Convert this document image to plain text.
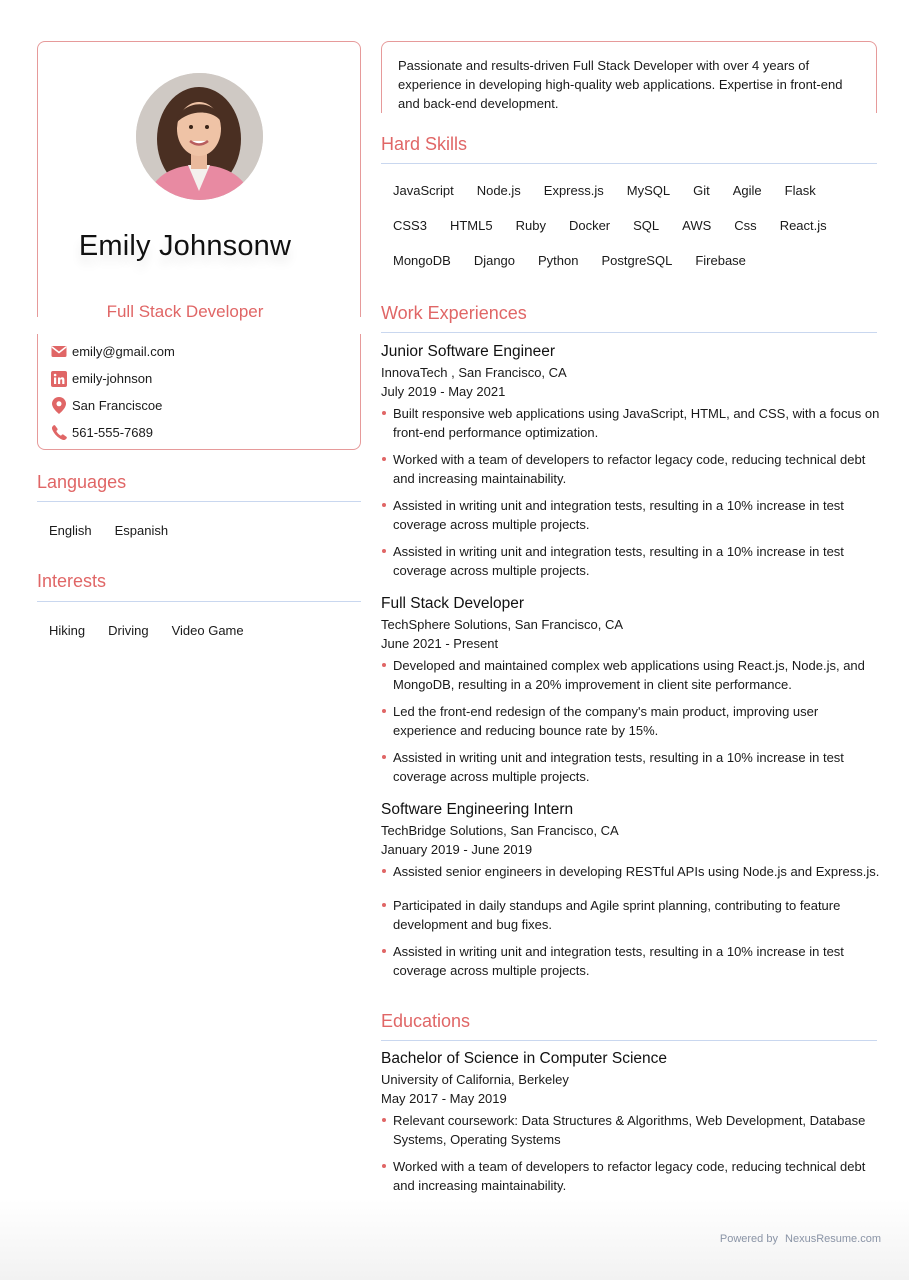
Emily Johnsonw
Full Stack Developer
emily@gmail.com
emily-johnson
San Franciscoe
561-555-7689
Languages
English Espanish
Interests
Hiking Driving Video Game
Passionate and results-driven Full Stack Developer with over 4 years of experience in developing high-quality web applications. Expertise in front-end and back-end development.
Hard Skills
JavaScript Node.js Express.js MySQL Git Agile Flask
CSS3 HTML5 Ruby Docker SQL AWS Css React.js
MongoDB Django Python PostgreSQL Firebase
Work Experiences
Junior Software Engineer
InnovaTech , San Francisco, CA
July 2019 - May 2021
Built responsive web applications using JavaScript, HTML, and CSS, with a focus on front-end performance optimization.
Worked with a team of developers to refactor legacy code, reducing technical debt and increasing maintainability.
Assisted in writing unit and integration tests, resulting in a 10% increase in test coverage across multiple projects.
Assisted in writing unit and integration tests, resulting in a 10% increase in test coverage across multiple projects.
Full Stack Developer
TechSphere Solutions, San Francisco, CA
June 2021 - Present
Developed and maintained complex web applications using React.js, Node.js, and MongoDB, resulting in a 20% improvement in client site performance.
Led the front-end redesign of the company's main product, improving user experience and reducing bounce rate by 15%.
Assisted in writing unit and integration tests, resulting in a 10% increase in test coverage across multiple projects.
Software Engineering Intern
TechBridge Solutions, San Francisco, CA
January 2019 - June 2019
Assisted senior engineers in developing RESTful APIs using Node.js and Express.js.
Participated in daily standups and Agile sprint planning, contributing to feature development and bug fixes.
Assisted in writing unit and integration tests, resulting in a 10% increase in test coverage across multiple projects.
Educations
Bachelor of Science in Computer Science
University of California, Berkeley
May 2017 - May 2019
Relevant coursework: Data Structures & Algorithms, Web Development, Database Systems, Operating Systems
Worked with a team of developers to refactor legacy code, reducing technical debt and increasing maintainability.
Powered by NexusResume.com
